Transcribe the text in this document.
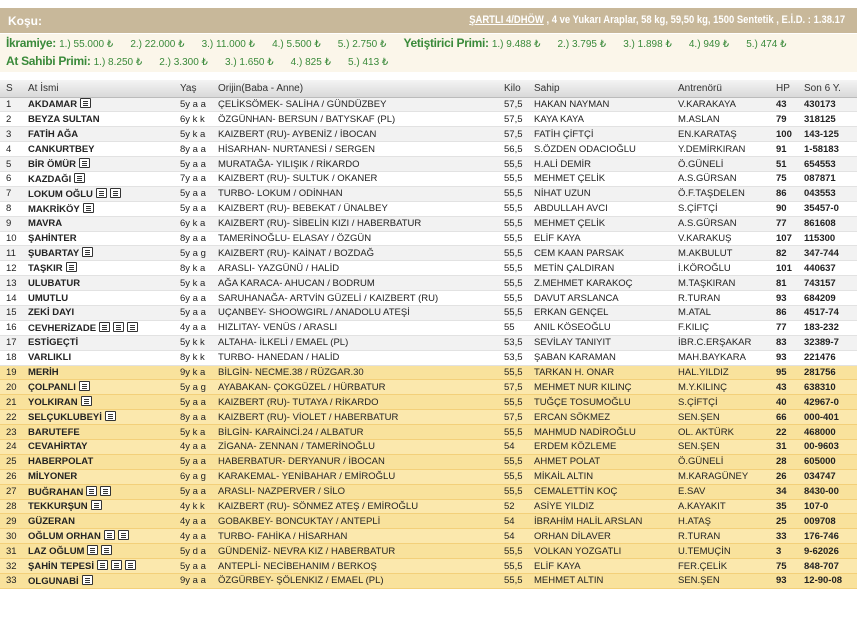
Koşu:	ŞARTLI 4/DHÖW , 4 ve Yukarı Araplar, 58 kg, 59,50 kg, 1500 Sentetik , E.İ.D. : 1.38.17
İkramiye: 1.) 55.000 ₺ 2.) 22.000 ₺ 3.) 11.000 ₺ 4.) 5.500 ₺ 5.) 2.750 ₺ Yetiştirici Primi: 1.) 9.488 ₺ 2.) 3.795 ₺ 3.) 1.898 ₺ 4.) 949 ₺ 5.) 474 ₺
At Sahibi Primi: 1.) 8.250 ₺ 2.) 3.300 ₺ 3.) 1.650 ₺ 4.) 825 ₺ 5.) 413 ₺
S	At İsmi	Yaş	Orijin(Baba - Anne)	Kilo	Sahip	Antrenörü	HP	Son 6 Y.
1	AKDAMAR	5y a a	ÇELİKSÖMEK- SALİHA / GÜNDÜZBEY	57,5	HAKAN NAYMAN	V.KARAKAYA	43	430173
2	BEYZA SULTAN	6y k k	ÖZGÜNHAN- BERSUN / BATYSKAF (PL)	57,5	KAYA KAYA	M.ASLAN	79	318125
3	FATİH AĞA	5y k a	KAIZBERT (RU)- AYBENİZ / İBOCAN	57,5	FATİH ÇİFTÇİ	EN.KARATAŞ	100	143-125
4	CANKURTBEY	8y a a	HİSARHAN- NURTANESİ / SERGEN	56,5	S.ÖZDEN ODACIOĞLU	Y.DEMİRKIRAN	91	1-58183
5	BİR ÖMÜR	5y a a	MURATAĞA- YILIŞIK / RİKARDO	55,5	H.ALİ DEMİR	Ö.GÜNELİ	51	654553
6	KAZDAĞI	7y a a	KAIZBERT (RU)- SULTUK / OKANER	55,5	MEHMET ÇELİK	A.S.GÜRSAN	75	087871
7	LOKUM OĞLU	5y a a	TURBO- LOKUM / ODİNHAN	55,5	NİHAT UZUN	Ö.F.TAŞDELEN	86	043553
8	MAKRİKÖY	5y a a	KAIZBERT (RU)- BEBEKAT / ÜNALBEY	55,5	ABDULLAH AVCI	S.ÇİFTÇİ	90	35457-0
9	MAVRA	6y k a	KAIZBERT (RU)- SİBELİN KIZI / HABERBATUR	55,5	MEHMET ÇELİK	A.S.GÜRSAN	77	861608
10	ŞAHİNTER	8y a a	TAMERİNOĞLU- ELASAY / ÖZGÜN	55,5	ELİF KAYA	V.KARAKUŞ	107	115300
11	ŞUBARTAY	5y a g	KAIZBERT (RU)- KAİNAT / BOZDAĞ	55,5	CEM KAAN PARSAK	M.AKBULUT	82	347-744
12	TAŞKIR	8y k a	ARASLI- YAZGÜNÜ / HALİD	55,5	METİN ÇALDIRAN	İ.KÖROĞLU	101	440637
13	ULUBATUR	5y k a	AĞA KARACA- AHUCAN / BODRUM	55,5	Z.MEHMET KARAKOÇ	M.TAŞKIRAN	81	743157
14	UMUTLU	6y a a	SARUHANAĞA- ARTVİN GÜZELİ / KAIZBERT (RU)	55,5	DAVUT ARSLANCA	R.TURAN	93	684209
15	ZEKİ DAYI	5y a a	UÇANBEY- SHOOWGIRL / ANADOLU ATEŞİ	55,5	ERKAN GENÇEL	M.ATAL	86	4517-74
16	CEVHERİZADE	4y a a	HIZLITAY- VENÜS / ARASLI	55	ANIL KÖSEOĞLU	F.KILIÇ	77	183-232
17	ESTİGEÇTİ	5y k k	ALTAHA- İLKELİ / EMAEL (PL)	53,5	SEVİLAY TANIYIT	İBR.C.ERŞAKAR	83	32389-7
18	VARLIKLI	8y k k	TURBO- HANEDAN / HALİD	53,5	ŞABAN KARAMAN	MAH.BAYKARA	93	221476
19	MERİH	9y k a	BİLGİN- NECME.38 / RÜZGAR.30	55,5	TARKAN H. ONAR	HAL.YILDIZ	95	281756
20	ÇOLPANLI	5y a g	AYABAKAN- ÇOKGÜZEL / HÜRBATUR	57,5	MEHMET NUR KILINÇ	M.Y.KILINÇ	43	638310
21	YOLKIRAN	5y a a	KAIZBERT (RU)- TUTAYA / RİKARDO	55,5	TUĞÇE TOSUMOĞLU	S.ÇİFTÇİ	40	42967-0
22	SELÇUKLUBEYİ	8y a a	KAIZBERT (RU)- VİOLET / HABERBATUR	57,5	ERCAN SÖKMEZ	SEN.ŞEN	66	000-401
23	BARUTEFE	5y k a	BİLGİN- KARAİNCİ.24 / ALBATUR	55,5	MAHMUD NADİROĞLU	OL. AKTÜRK	22	468000
24	CEVAHİRTAY	4y a a	ZİGANA- ZENNAN / TAMERİNOĞLU	54	ERDEM KÖZLEME	SEN.ŞEN	31	00-9603
25	HABERPOLAT	5y a a	HABERBATUR- DERYANUR / İBOCAN	55,5	AHMET POLAT	Ö.GÜNELİ	28	605000
26	MİLYONER	6y a g	KARAKEMAL- YENİBAHAR / EMİROĞLU	55,5	MİKAİL ALTIN	M.KARAGÜNEY	26	034747
27	BUĞRAHAN	5y a a	ARASLI- NAZPERVER / SİLO	55,5	CEMALETTİN KOÇ	E.SAV	34	8430-00
28	TEKKURŞUN	4y k k	KAIZBERT (RU)- SÖNMEZ ATEŞ / EMİROĞLU	52	ASİYE YILDIZ	A.KAYAKIT	35	107-0
29	GÜZERAN	4y a a	GOBAKBEY- BONCUKTAY / ANTEPLİ	54	İBRAHİM HALİL ARSLAN	H.ATAŞ	25	009708
30	OĞLUM ORHAN	4y a a	TURBO- FAHİKA / HİSARHAN	54	ORHAN DİLAVER	R.TURAN	33	176-746
31	LAZ OĞLUM	5y d a	GÜNDENİZ- NEVRA KIZ / HABERBATUR	55,5	VOLKAN YOZGATLI	U.TEMUÇİN	3	9-62026
32	ŞAHİN TEPESİ	5y a a	ANTEPLİ- NECİBEHANIM / BERKOŞ	55,5	ELİF KAYA	FER.ÇELİK	75	848-707
33	OLGUNABİ	9y a a	ÖZGÜRBEY- ŞÖLENKIZ / EMAEL (PL)	55,5	MEHMET ALTIN	SEN.ŞEN	93	12-90-08
